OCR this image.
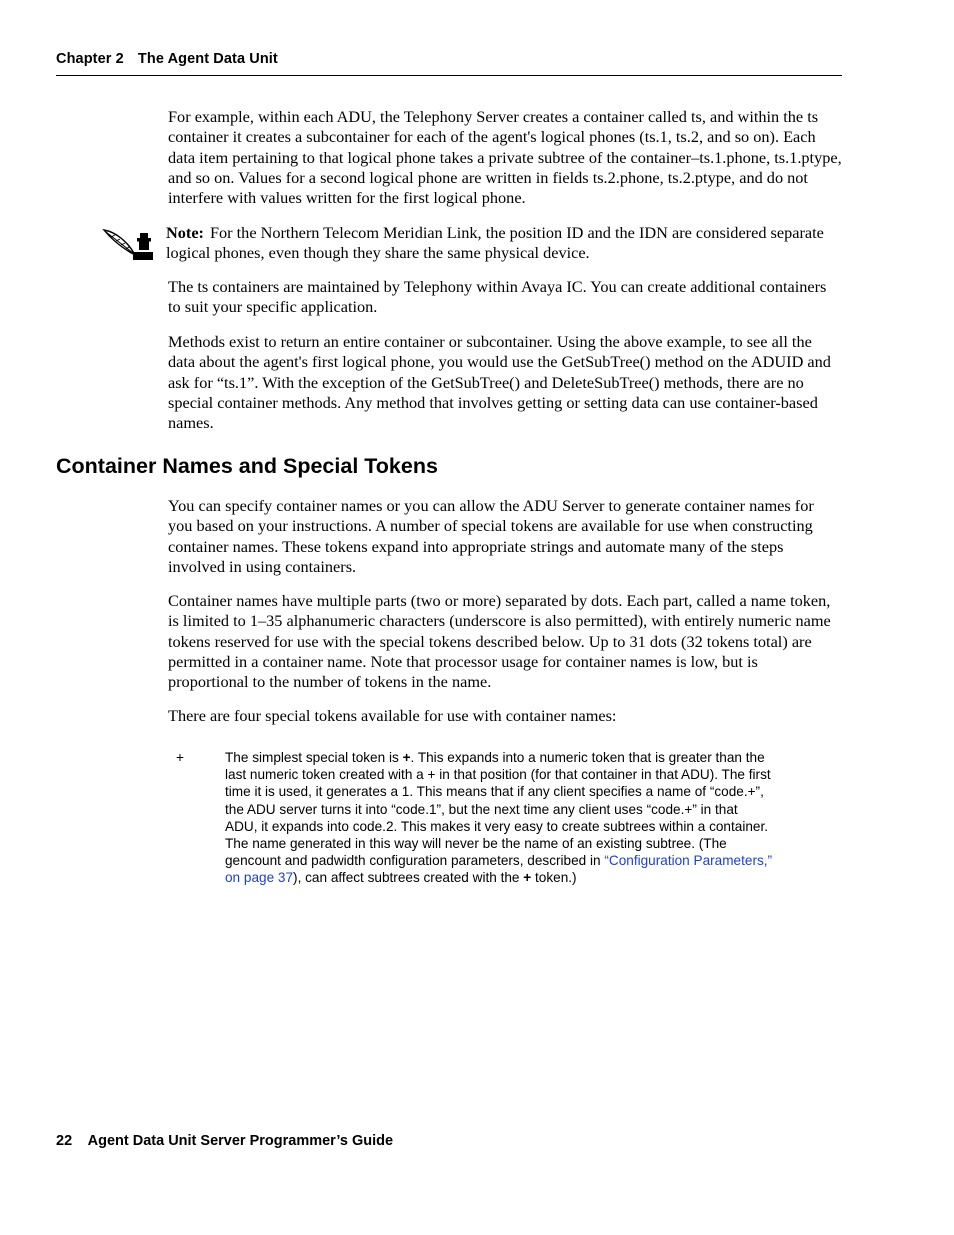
Chapter 2 The Agent Data Unit

For example, within each ADU, the Telephony Server creates a container called ts, and within the ts container it creates a subcontainer for each of the agent's logical phones (ts.1, ts.2, and so on). Each data item pertaining to that logical phone takes a private subtree of the container–ts.1.phone, ts.1.ptype, and so on. Values for a second logical phone are written in fields ts.2.phone, ts.2.ptype, and do not interfere with values written for the first logical phone.

Note: For the Northern Telecom Meridian Link, the position ID and the IDN are considered separate logical phones, even though they share the same physical device.

The ts containers are maintained by Telephony within Avaya IC. You can create additional containers to suit your specific application.

Methods exist to return an entire container or subcontainer. Using the above example, to see all the data about the agent's first logical phone, you would use the GetSubTree() method on the ADUID and ask for “ts.1”. With the exception of the GetSubTree() and DeleteSubTree() methods, there are no special container methods. Any method that involves getting or setting data can use container-based names.

Container Names and Special Tokens

You can specify container names or you can allow the ADU Server to generate container names for you based on your instructions. A number of special tokens are available for use when constructing container names. These tokens expand into appropriate strings and automate many of the steps involved in using containers.

Container names have multiple parts (two or more) separated by dots. Each part, called a name token, is limited to 1–35 alphanumeric characters (underscore is also permitted), with entirely numeric name tokens reserved for use with the special tokens described below. Up to 31 dots (32 tokens total) are permitted in a container name. Note that processor usage for container names is low, but is proportional to the number of tokens in the name.

There are four special tokens available for use with container names:

+	The simplest special token is +. This expands into a numeric token that is greater than the last numeric token created with a + in that position (for that container in that ADU). The first time it is used, it generates a 1. This means that if any client specifies a name of “code.+”, the ADU server turns it into “code.1”, but the next time any client uses “code.+” in that ADU, it expands into code.2. This makes it very easy to create subtrees within a container. The name generated in this way will never be the name of an existing subtree. (The gencount and padwidth configuration parameters, described in “Configuration Parameters,” on page 37), can affect subtrees created with the + token.)

22 Agent Data Unit Server Programmer’s Guide
